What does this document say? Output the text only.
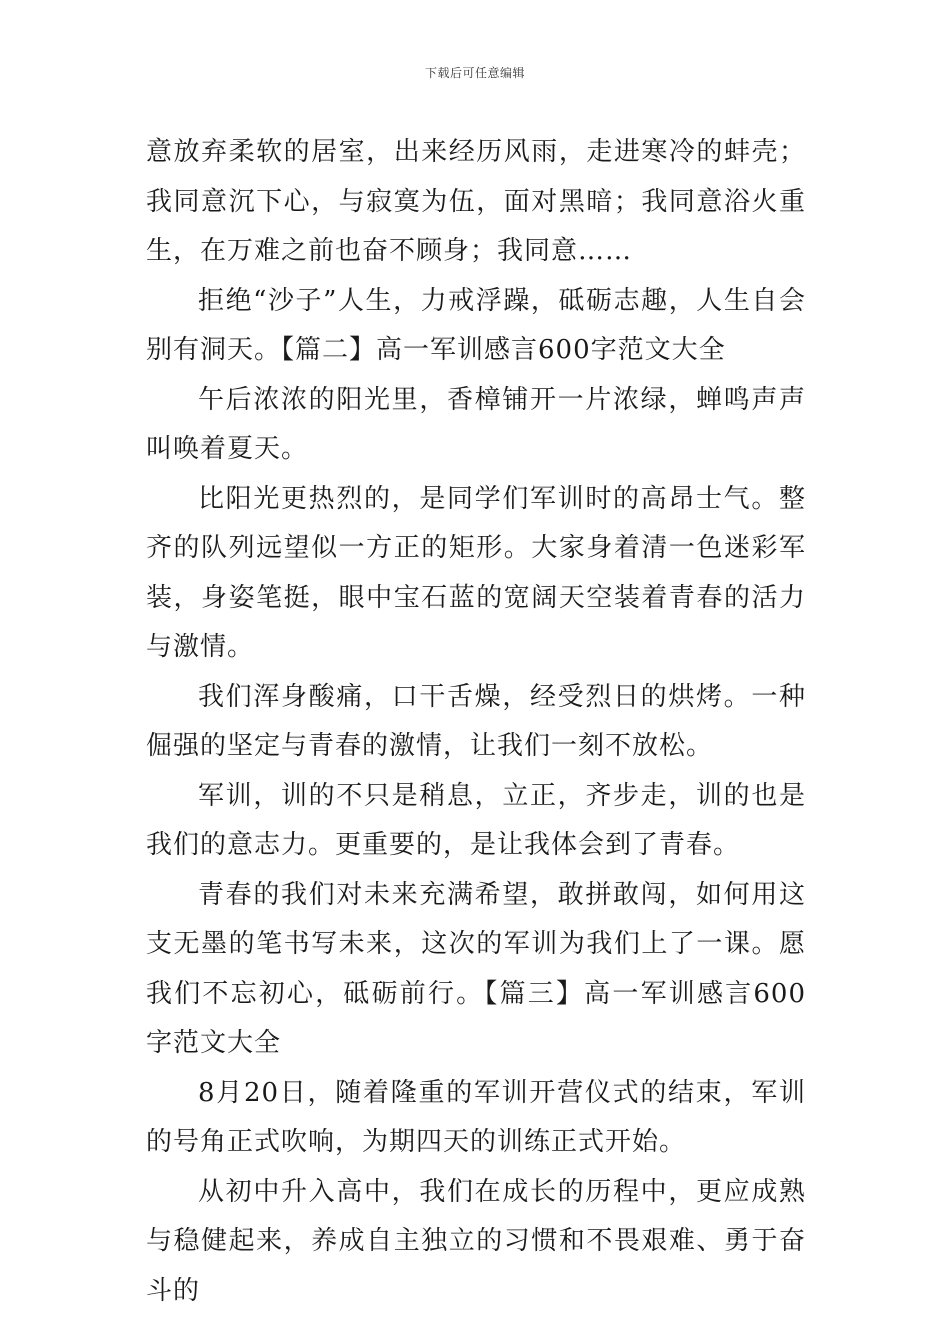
下载后可任意编辑

意放弃柔软的居室，出来经历风雨，走进寒冷的蚌壳；我同意沉下心，与寂寞为伍，面对黑暗；我同意浴火重生，在万难之前也奋不顾身；我同意……

拒绝“沙子”人生，力戒浮躁，砥砺志趣，人生自会别有洞天。【篇二】高一军训感言600字范文大全

午后浓浓的阳光里，香樟铺开一片浓绿，蝉鸣声声叫唤着夏天。

比阳光更热烈的，是同学们军训时的高昂士气。整齐的队列远望似一方正的矩形。大家身着清一色迷彩军装，身姿笔挺，眼中宝石蓝的宽阔天空装着青春的活力与激情。

我们浑身酸痛，口干舌燥，经受烈日的烘烤。一种倔强的坚定与青春的激情，让我们一刻不放松。

军训，训的不只是稍息，立正，齐步走，训的也是我们的意志力。更重要的，是让我体会到了青春。

青春的我们对未来充满希望，敢拼敢闯，如何用这支无墨的笔书写未来，这次的军训为我们上了一课。愿我们不忘初心，砥砺前行。【篇三】高一军训感言600字范文大全

8月20日，随着隆重的军训开营仪式的结束，军训的号角正式吹响，为期四天的训练正式开始。

从初中升入高中，我们在成长的历程中，更应成熟与稳健起来，养成自主独立的习惯和不畏艰难、勇于奋斗的
